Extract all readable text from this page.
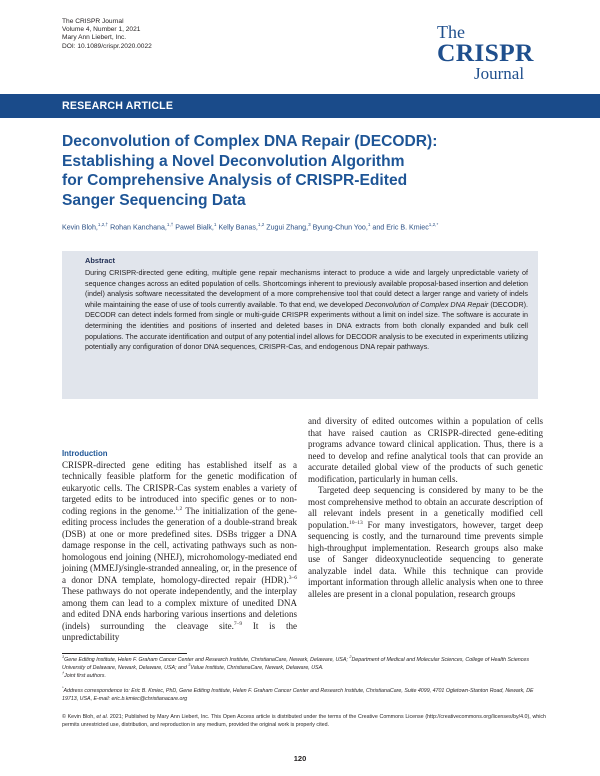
The CRISPR Journal
Volume 4, Number 1, 2021
Mary Ann Liebert, Inc.
DOI: 10.1089/crispr.2020.0022
The
CRISPR
Journal
RESEARCH ARTICLE
Deconvolution of Complex DNA Repair (DECODR):
Establishing a Novel Deconvolution Algorithm
for Comprehensive Analysis of CRISPR-Edited
Sanger Sequencing Data
Kevin Bloh,$^{1,2,\dagger}$ Rohan Kanchana,$^{1,\dagger}$ Pawel Bialk,$^1$ Kelly Banas,$^{1,2}$ Zugui Zhang,$^3$ Byung-Chun Yoo,$^1$ and Eric B. Kmiec$^{1,2,*}$
Abstract
During CRISPR-directed gene editing, multiple gene repair mechanisms interact to produce a wide and largely unpredictable variety of sequence changes across an edited population of cells. Shortcomings inherent to previously available proposal-based insertion and deletion (indel) analysis software necessitated the development of a more comprehensive tool that could detect a larger range and variety of indels while maintaining the ease of use of tools currently available. To that end, we developed Deconvolution of Complex DNA Repair (DECODR). DECODR can detect indels formed from single or multi-guide CRISPR experiments without a limit on indel size. The software is accurate in determining the identities and positions of inserted and deleted bases in DNA extracts from both clonally expanded and bulk cell populations. The accurate identification and output of any potential indel allows for DECODR analysis to be executed in experiments utilizing potentially any configuration of donor DNA sequences, CRISPR-Cas, and endogenous DNA repair pathways.
Introduction
CRISPR-directed gene editing has established itself as a technically feasible platform for the genetic modification of eukaryotic cells. The CRISPR-Cas system enables a variety of targeted edits to be introduced into specific genes or to non-coding regions in the genome.$^{1,2}$ The initialization of the gene-editing process includes the generation of a double-strand break (DSB) at one or more predefined sites. DSBs trigger a DNA damage response in the cell, activating pathways such as non-homologous end joining (NHEJ), microhomology-mediated end joining (MMEJ)/single-stranded annealing, or, in the presence of a donor DNA template, homology-directed repair (HDR).$^{3-6}$ These pathways do not operate independently, and the interplay among them can lead to a complex mixture of unedited DNA and edited DNA ends harboring various insertions and deletions (indels) surrounding the cleavage site.$^{7-9}$ It is the unpredictability
and diversity of edited outcomes within a population of cells that have raised caution as CRISPR-directed gene-editing programs advance toward clinical application. Thus, there is a need to develop and refine analytical tools that can provide an accurate detailed global view of the products of such genetic modification, particularly in human cells.
Targeted deep sequencing is considered by many to be the most comprehensive method to obtain an accurate description of all relevant indels present in a genetically modified cell population.$^{10-13}$ For many investigators, however, target deep sequencing is costly, and the turnaround time prevents simple high-throughput implementation. Research groups also make use of Sanger dideoxynucleotide sequencing to generate analyzable indel data. While this technique can provide important information through allelic analysis when one to three alleles are present in a clonal population, research groups
$^1$Gene Editing Institute, Helen F. Graham Cancer Center and Research Institute, ChristianaCare, Newark, Delaware, USA; $^2$Department of Medical and Molecular Sciences, College of Health Sciences University of Delaware, Newark, Delaware, USA; and $^3$Value Institute, ChristianaCare, Newark, Delaware, USA.
†Joint first authors.
*Address correspondence to: Eric B. Kmiec, PhD, Gene Editing Institute, Helen F. Graham Cancer Center and Research Institute, ChristianaCare, Suite 4099, 4701 Ogletown-Stanton Road, Newark, DE 19713, USA, E-mail: eric.b.kmiec@christianacare.org
© Kevin Bloh, et al. 2021; Published by Mary Ann Liebert, Inc. This Open Access article is distributed under the terms of the Creative Commons License (http://creativecommons.org/licenses/by/4.0), which permits unrestricted use, distribution, and reproduction in any medium, provided the original work is properly cited.
120
